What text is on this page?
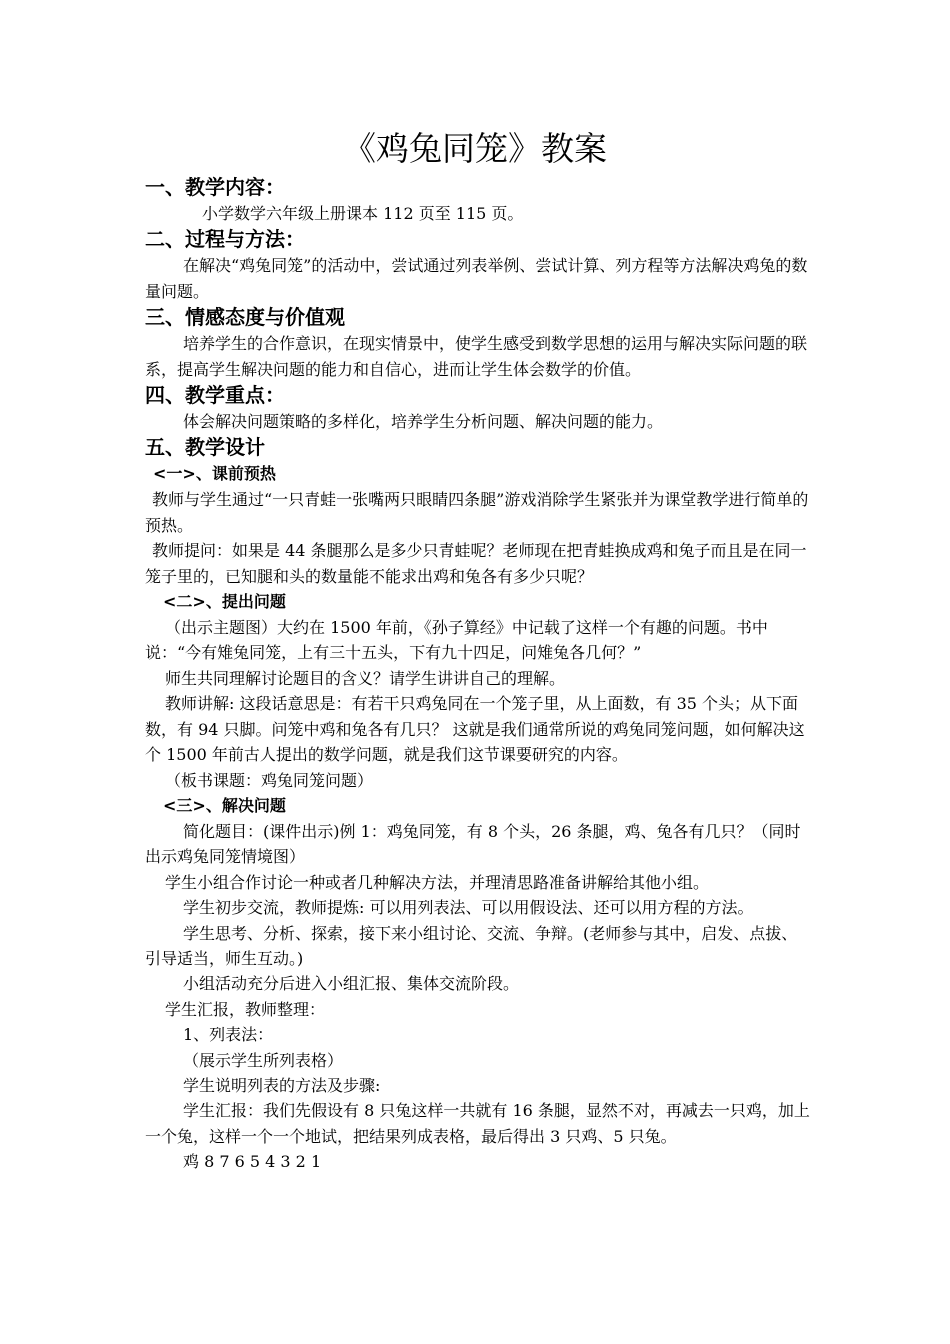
《鸡兔同笼》教案
一、教学内容：

小学数学六年级上册课本 112 页至 115 页。

二、过程与方法：

在解决“鸡兔同笼”的活动中，尝试通过列表举例、尝试计算、列方程等方法解决鸡兔的数量问题。

三、情感态度与价值观

培养学生的合作意识，在现实情景中，使学生感受到数学思想的运用与解决实际问题的联系，提高学生解决问题的能力和自信心，进而让学生体会数学的价值。

四、教学重点：

体会解决问题策略的多样化，培养学生分析问题、解决问题的能力。

五、教学设计
<一>、课前预热

教师与学生通过“一只青蛙一张嘴两只眼睛四条腿”游戏消除学生紧张并为课堂教学进行简单的预热。

教师提问：如果是 44 条腿那么是多少只青蛙呢？老师现在把青蛙换成鸡和兔子而且是在同一笼子里的，已知腿和头的数量能不能求出鸡和兔各有多少只呢？

<二>、提出问题

（出示主题图）大约在 1500 年前，《孙子算经》中记载了这样一个有趣的问题。书中说：“今有雉兔同笼，上有三十五头，下有九十四足，问雉兔各几何？”

师生共同理解讨论题目的含义？请学生讲讲自己的理解。

教师讲解: 这段话意思是：有若干只鸡兔同在一个笼子里，从上面数，有 35 个头；从下面数，有 94 只脚。问笼中鸡和兔各有几只？ 这就是我们通常所说的鸡兔同笼问题，如何解决这个 1500 年前古人提出的数学问题，就是我们这节课要研究的内容。

（板书课题：鸡兔同笼问题）

<三>、解决问题

简化题目：(课件出示)例 1：鸡兔同笼，有 8 个头，26 条腿，鸡、兔各有几只？（同时出示鸡兔同笼情境图）

学生小组合作讨论一种或者几种解决方法，并理清思路准备讲解给其他小组。

学生初步交流，教师提炼: 可以用列表法、可以用假设法、还可以用方程的方法。

学生思考、分析、探索，接下来小组讨论、交流、争辩。(老师参与其中，启发、点拔、引导适当，师生互动。)

小组活动充分后进入小组汇报、集体交流阶段。

学生汇报，教师整理：

1、列表法：

（展示学生所列表格）

学生说明列表的方法及步骤:

学生汇报：我们先假设有 8 只兔这样一共就有 16 条腿，显然不对，再减去一只鸡，加上一个兔，这样一个一个地试，把结果列成表格，最后得出 3 只鸡、5 只兔。

鸡 8 7 6 5 4 3 2 1
